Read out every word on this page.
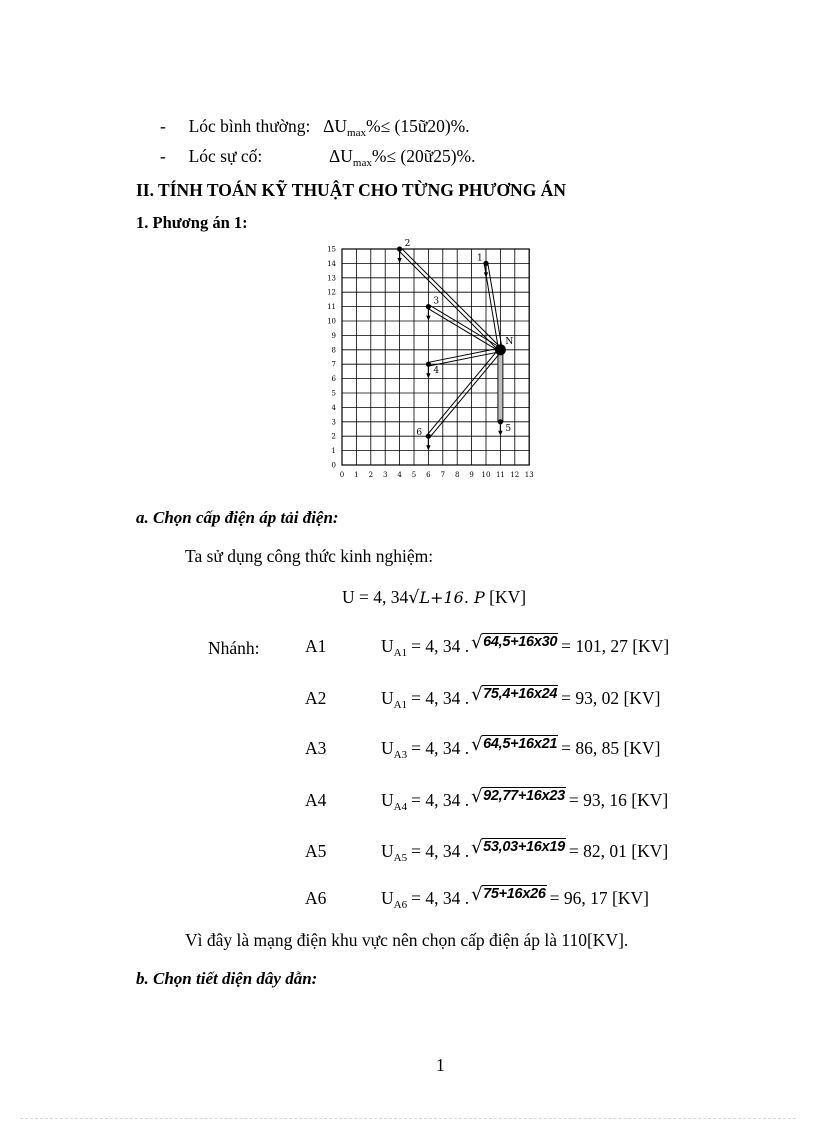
- Lóc bình thường: $\Delta U_{max}\%\le$ (15ữ20)%.
- Lóc sự cố:	$\Delta U_{max}\%\le$ (20ữ25)%.
II. TÍNH TOÁN KỸ THUẬT CHO TỪNG PHƯƠNG ÁN
1. Phương án 1:
0 1 2 3 4 5 6 7 8 9 10 11 12 13
0
1
2
3
4
5
6
7
8
9
10
11
12
13
14
15
1
2
3
4
5
6
N
a. Chọn cấp điện áp tải điện:
Ta sử dụng công thức kinh nghiệm:
U = 4, 34√L+16. P [KV]
Nhánh:	A1	$U_{A1} = 4$, 34 . √ 64,5+16x30 = 101, 27 [KV]
A2	$U_{A1} = 4$, 34 . √ 75,4+16x24 = 93, 02 [KV]
A3	$U_{A3} = 4$, 34 . √ 64,5+16x21 = 86, 85 [KV]
A4	$U_{A4} = 4$, 34 . √ 92,77+16x23 = 93, 16 [KV]
A5	$U_{A5} = 4$, 34 . √ 53,03+16x19 = 82, 01 [KV]
A6	$U_{A6} = 4$, 34 . √ 75+16x26 = 96, 17 [KV]
Vì đây là mạng điện khu vực nên chọn cấp điện áp là 110[KV].
b. Chọn tiết diện dây dẫn:
1
